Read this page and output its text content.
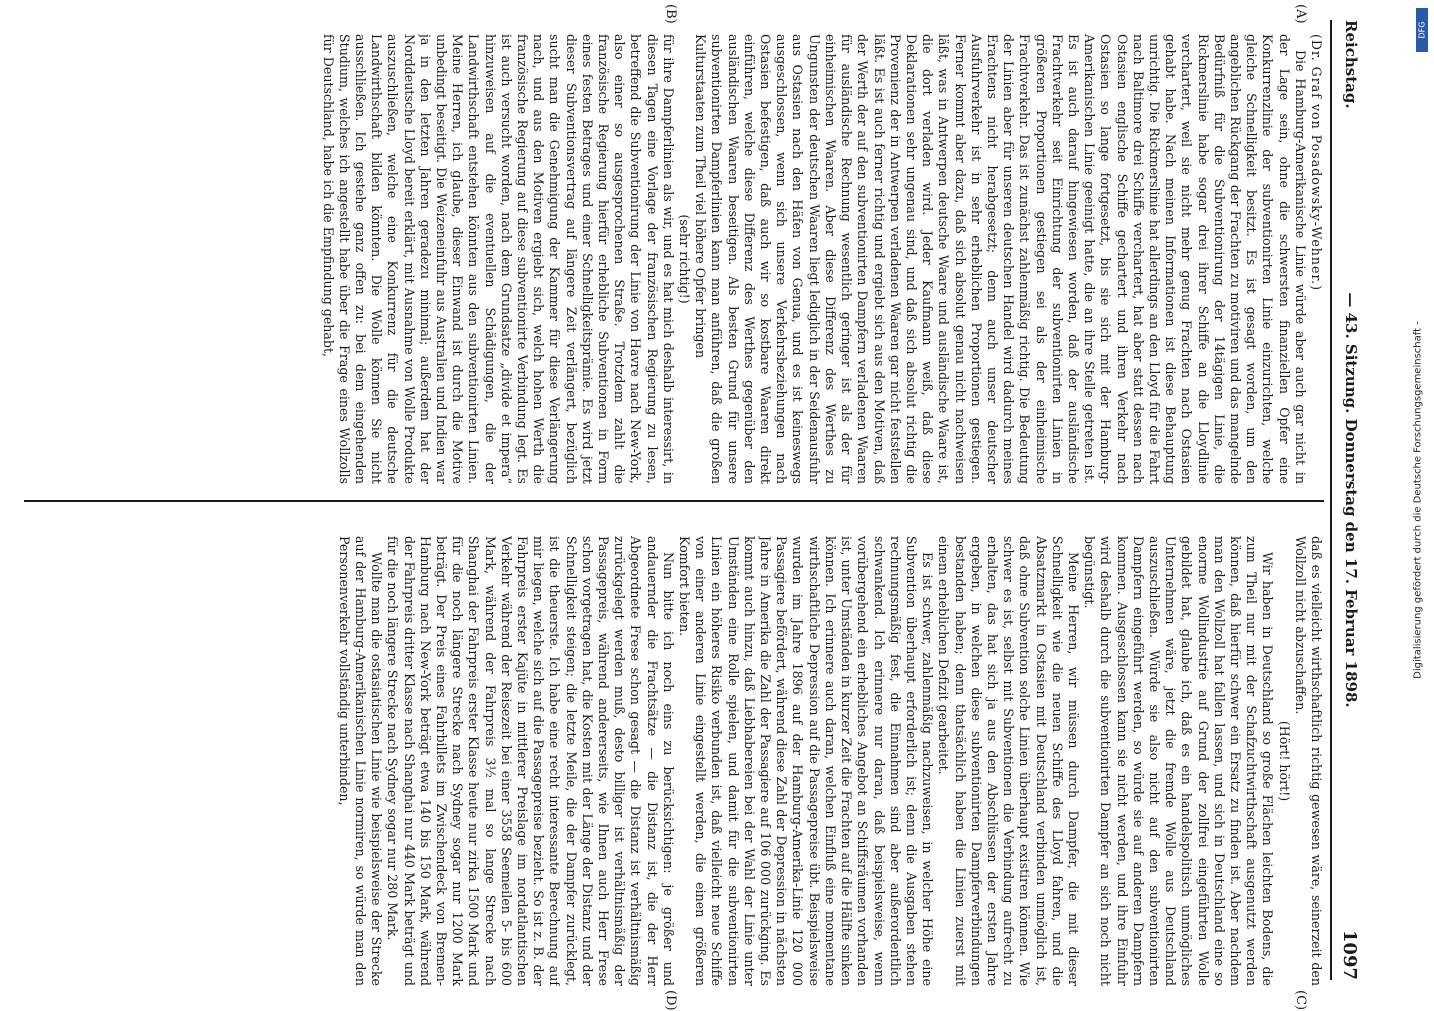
Reichstag.
— 43. Sitzung. Donnerstag den 17. Februar 1898.
1097
(A)
(B)
(C)
(D)

(Dr. Graf von Posadowsky-Wehner.)

Die Hamburg-Amerikanische Linie würde aber auch gar nicht in der Lage sein, ohne die schwersten finanziellen Opfer eine Konkurrenzlinie der subventionirten Linie einzurichten, welche gleiche Schnelligkeit besitzt. Es ist gesagt worden, um den angeblichen Rückgang der Frachten zu motiviren und das mangelnde Bedürfniß für die Subventionirung der 14tägigen Linie, die Rickmerslinie habe sogar drei ihrer Schiffe an die Lloydlinie verchartert, weil sie nicht mehr genug Frachten nach Ostasien gehabt habe. Nach meinen Informationen ist diese Behauptung unrichtig. Die Rickmerslinie hat allerdings an den Lloyd für die Fahrt nach Baltimore drei Schiffe verchartert, hat aber statt dessen nach Ostasien englische Schiffe gechartert und ihren Verkehr nach Ostasien so lange fortgesetzt, bis sie sich mit der Hamburg-Amerikanischen Linie geeinigt hatte, die an ihre Stelle getreten ist. Es ist auch darauf hingewiesen worden, daß der ausländische Frachtverkehr seit Einrichtung der subventionirten Linien in größeren Proportionen gestiegen sei als der einheimische Frachtverkehr. Das ist zunächst zahlenmäßig richtig. Die Bedeutung der Linien aber für unseren deutschen Handel wird dadurch meines Erachtens nicht herabgesetzt; denn auch unser deutscher Ausfuhrverkehr ist in sehr erheblichen Proportionen gestiegen. Ferner kommt aber dazu, daß sich absolut genau nicht nachweisen läßt, was in Antwerpen deutsche Waare und ausländische Waare ist, die dort verladen wird. Jeder Kaufmann weiß, daß diese Deklarationen sehr ungenau sind, und daß sich absolut richtig die Provenienz der in Antwerpen verladenen Waaren gar nicht feststellen läßt. Es ist auch ferner richtig und ergiebt sich aus den Motiven, daß der Werth der auf den subventionirten Dampfern verladenen Waaren für ausländische Rechnung wesentlich geringer ist als der für einheimischen Waaren. Aber diese Differenz des Werthes zu Ungunsten der deutschen Waaren liegt lediglich in der Seidenausfuhr aus Ostasien nach den Häfen von Genua, und es ist keineswegs ausgeschlossen, wenn sich unsere Verkehrsbeziehungen nach Ostasien befestigen, daß auch wir so kostbare Waaren direkt einführen, welche diese Differenz des Werthes gegenüber den ausländischen Waaren beseitigen. Als besten Grund für unsere subventionirten Dampferlinien kann man anführen, daß die großen Kulturstaaten zum Theil viel höhere Opfer bringen

(sehr richtig!)

für ihre Dampferlinien als wir, und es hat mich deshalb interessirt, in diesen Tagen eine Vorlage der französischen Regierung zu lesen, betreffend die Subventionirung der Linie von Havre nach New-York, also einer so ausgesprochenen Straße. Trotzdem zahlt die französische Regierung hierfür erhebliche Subventionen in Form eines festen Betrages und einer Schnelligkeitsprämie. Es wird jetzt dieser Subventionsvertrag auf längere Zeit verlängert, bezüglich sucht man die Genehmigung der Kammer für diese Verlängerung nach, und aus den Motiven ergiebt sich, welch hohen Werth die französische Regierung auf diese subventionirte Verbindung legt. Es ist auch versucht worden, nach dem Grundsatze „divide et impera“ hinzuweisen auf die eventuellen Schädigungen, die der Landwirthschaft entstehen könnten aus den subventionirten Linien. Meine Herren, ich glaube, dieser Einwand ist durch die Motive unbedingt beseitigt. Die Weizeneinfuhr aus Australien und Indien war ja in den letzten Jahren geradezu minimal; außerdem hat der Norddeutsche Lloyd bereit erklärt, mit Ausnahme von Wolle Produkte auszuschließen, welche eine Konkurrenz für die deutsche Landwirthschaft bilden könnten. Die Wolle können Sie nicht ausschließen. Ich gestehe ganz offen zu: bei dem eingehenden Studium, welches ich angestellt habe über die Frage eines Wollzolls für Deutschland, habe ich die Empfindung gehabt,

daß es vielleicht wirthschaftlich richtig gewesen wäre, seinerzeit den Wollzoll nicht abzuschaffen.

(Hört! hört!)

Wir haben in Deutschland so große Flächen leichten Bodens, die zum Theil nur mit der Schafzuchtwirthschaft ausgenutzt werden können, daß hierfür schwer ein Ersatz zu finden ist. Aber nachdem man den Wollzoll hat fallen lassen, und sich in Deutschland eine so enorme Wollindustrie auf Grund der zollfrei eingeführten Wolle gebildet hat, glaube ich, daß es ein handelspolitisch unmögliches Unternehmen wäre, jetzt die fremde Wolle aus Deutschland auszuschließen. Würde sie also nicht auf den subventionirten Dampfern eingeführt werden, so würde sie auf anderen Dampfern kommen. Ausgeschlossen kann sie nicht werden, und ihre Einfuhr wird deshalb durch die subventionirten Dampfer an sich noch nicht begünstigt.

Meine Herren, wir müssen durch Dampfer, die mit dieser Schnelligkeit wie die neuen Schiffe des Lloyd fahren, und die Absatzmarkt in Ostasien mit Deutschland verbinden unmöglich ist, daß ohne Subvention solche Linien überhaupt existiren können. Wie schwer es ist, selbst mit Subventionen die Verbindung aufrecht zu erhalten, das hat sich ja aus den Abschlüssen der ersten Jahre ergeben, in welchen diese subventionirten Dampferverbindungen bestanden haben; denn thatsächlich haben die Linien zuerst mit einem erheblichen Defizit gearbeitet.

Es ist schwer, zahlenmäßig nachzuweisen, in welcher Höhe eine Subvention überhaupt erforderlich ist; denn die Ausgaben stehen rechnungsmäßig fest, die Einnahmen sind aber außerordentlich schwankend. Ich erinnere nur daran, daß beispielsweise, wenn vorübergehend ein erhebliches Angebot an Schiffsräumen vorhanden ist, unter Umständen in kurzer Zeit die Frachten auf die Hälfte sinken können. Ich erinnere auch daran, welchen Einfluß eine momentane wirthschaftliche Depression auf die Passagepreise übt. Beispielsweise wurden im Jahre 1896 auf der Hamburg-Amerika-Linie 120 000 Passagiere befördert, während diese Zahl der Depression in nächsten Jahre in Amerika die Zahl der Passagiere auf 106 000 zurückging. Es kommt auch hinzu, daß Liebhabereien bei der Wahl der Linie unter Umständen eine Rolle spielen, und damit für die subventionirten Linien ein höheres Risiko verbunden ist, daß vielleicht neue Schiffe von einer anderen Linie eingestellt werden, die einen größeren Komfort bieten.

Nun bitte ich noch eins zu berücksichtigen: je größer und andauernder die Frachtsätze — die Distanz ist, die der Herr Abgeordnete Frese schon gesagt — die Distanz ist verhältnismäßig zurückgelegt werden muß, desto billiger ist verhältnismäßig der Passagepreis, während andererseits, wie Ihnen auch Herr Frese schon vorgetragen hat, die Kosten mit der Länge der Distanz und der Schnelligkeit steigen; die letzte Meile, die der Dampfer zurücklegt, ist die theuerste. Ich habe eine recht interessante Berechnung auf mir liegen, welche sich auf die Passagepreise bezieht. So ist z. B. der Fahrpreis erster Kajüte in mittlerer Preislage im nordatlantischen Verkehr während der Reisezeit bei einer 3558 Seemeilen 5- bis 600 Mark, während der Fahrpreis 3½ mal so lange Strecke nach Shanghai der Fahrpreis erster Klasse heute nur zirka 1500 Mark und für die noch längere Strecke nach Sydney sogar nur 1200 Mark beträgt. Der Preis eines Fahrbillets im Zwischendeck von Bremen-Hamburg nach New-York beträgt etwa 140 bis 150 Mark, während der Fahrpreis dritter Klasse nach Shanghai nur 440 Mark beträgt und für die noch längere Strecke nach Sydney sogar nur 280 Mark.

Wollte man die ostasiatischen Linie wie beispielsweise der Strecke auf der Hamburg-Amerikanischen Linie normiren, so würde man den Personenverkehr vollständig unterbinden,	Digitalisierung gefördert durch die Deutsche Forschungsgemeinschaft -
DFG
